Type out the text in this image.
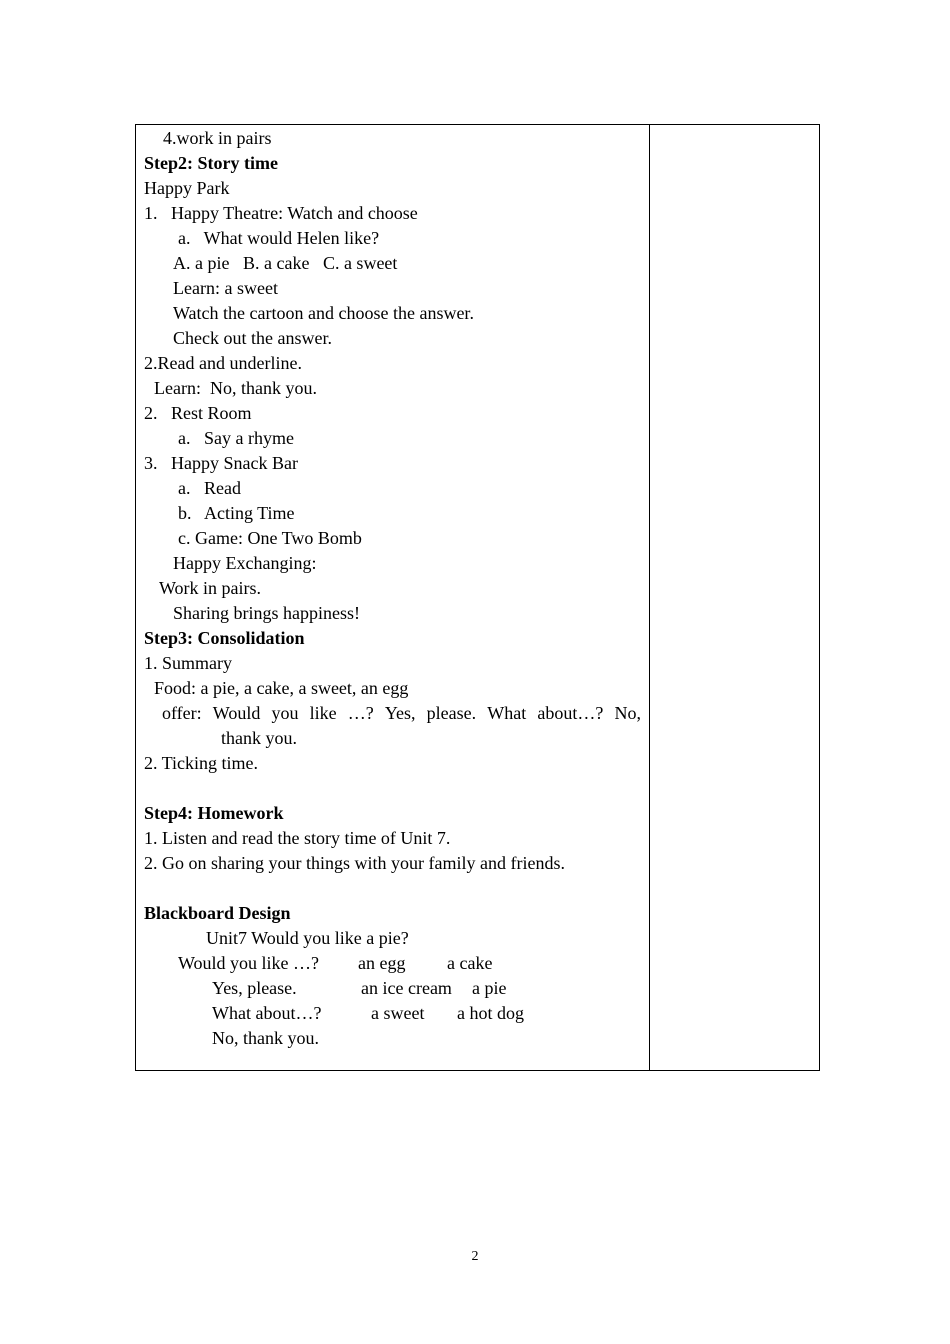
4.work in pairs
Step2: Story time
Happy Park
1.   Happy Theatre: Watch and choose
a.   What would Helen like?
A. a pie   B. a cake   C. a sweet
Learn: a sweet
Watch the cartoon and choose the answer.
Check out the answer.
2.Read and underline.
Learn:  No, thank you.
2.   Rest Room
a.   Say a rhyme
3.   Happy Snack Bar
a.   Read
b.   Acting Time
c. Game: One Two Bomb
Happy Exchanging:
Work in pairs.
Sharing brings happiness!
Step3: Consolidation
1. Summary
Food: a pie, a cake, a sweet, an egg
offer: Would you like …? Yes, please. What about…? No,
thank you.
2. Ticking time.
Step4: Homework
1. Listen and read the story time of Unit 7.
2. Go on sharing your things with your family and friends.
Blackboard Design
Unit7 Would you like a pie?
Would you like …? an egg a cake
Yes, please.	an ice cream a pie
What about…?	a sweet a hot dog
No, thank you.
2
